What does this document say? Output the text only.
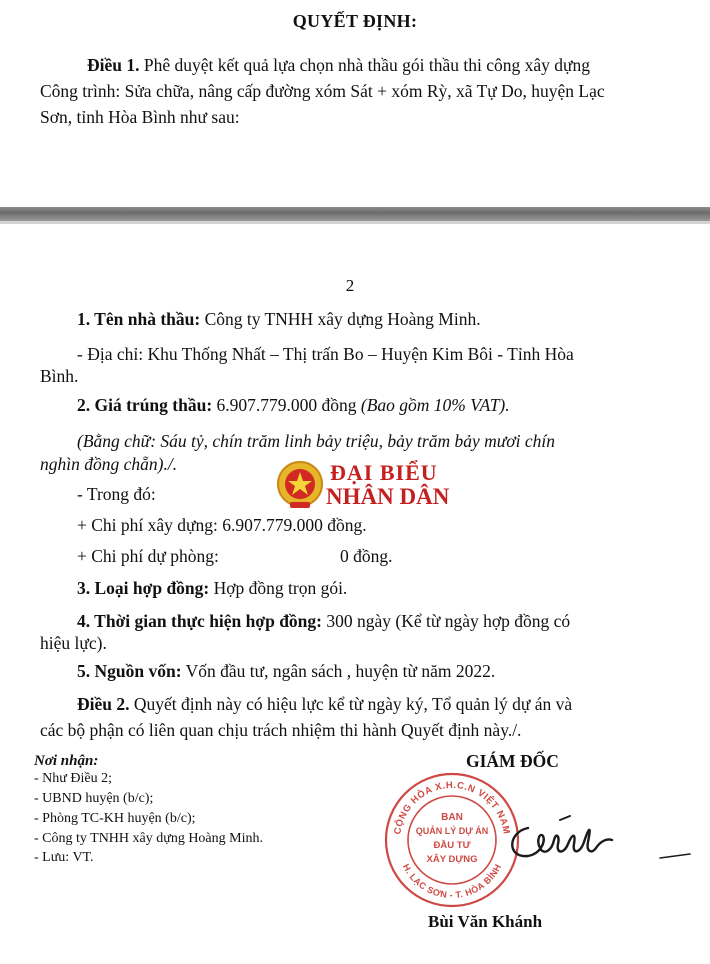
QUYẾT ĐỊNH:
Điều 1. Phê duyệt kết quả lựa chọn nhà thầu gói thầu thi công xây dựng
Công trình: Sửa chữa, nâng cấp đường xóm Sát + xóm Rỳ, xã Tự Do, huyện Lạc
Sơn, tỉnh Hòa Bình như sau:
2
1. Tên nhà thầu: Công ty TNHH xây dựng Hoàng Minh.
- Địa chỉ: Khu Thống Nhất – Thị trấn Bo – Huyện Kim Bôi - Tỉnh Hòa
Bình.
2. Giá trúng thầu: 6.907.779.000 đồng (Bao gồm 10% VAT).
(Bằng chữ: Sáu tỷ, chín trăm linh bảy triệu, bảy trăm bảy mươi chín
nghìn đồng chẵn)./.
- Trong đó:
ĐẠI BIỂU
NHÂN DÂN
+ Chi phí xây dựng: 6.907.779.000 đồng.
+ Chi phí dự phòng:	0 đồng.
3. Loại hợp đồng: Hợp đồng trọn gói.
4. Thời gian thực hiện hợp đồng: 300 ngày (Kể từ ngày hợp đồng có
hiệu lực).
5. Nguồn vốn: Vốn đầu tư, ngân sách , huyện từ năm 2022.
Điều 2. Quyết định này có hiệu lực kể từ ngày ký, Tổ quản lý dự án và
các bộ phận có liên quan chịu trách nhiệm thi hành Quyết định này./.
Nơi nhận:
- Như Điều 2;
- UBND huyện (b/c);
- Phòng TC-KH huyện (b/c);
- Công ty TNHH xây dựng Hoàng Minh.
- Lưu: VT.
GIÁM ĐỐC
CỘNG HÒA X.H.C.N VIỆT NAM
H. LẠC SƠN - T. HÒA BÌNH
BAN
QUẢN LÝ DỰ ÁN
ĐẦU TƯ
XÂY DỰNG
Bùi Văn Khánh
